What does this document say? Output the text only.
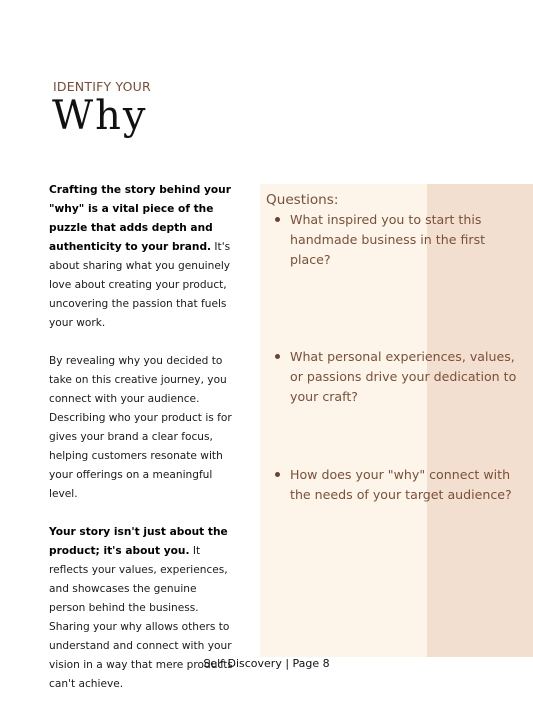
IDENTIFY YOUR
Why

Crafting the story behind your "why" is a vital piece of the puzzle that adds depth and authenticity to your brand. It's about sharing what you genuinely love about creating your product, uncovering the passion that fuels your work.

By revealing why you decided to take on this creative journey, you connect with your audience. Describing who your product is for gives your brand a clear focus, helping customers resonate with your offerings on a meaningful level.

Your story isn't just about the product; it's about you. It reflects your values, experiences, and showcases the genuine person behind the business. Sharing your why allows others to understand and connect with your vision in a way that mere products can't achieve.

Questions:
What inspired you to start this handmade business in the first place?
What personal experiences, values, or passions drive your dedication to your craft?
How does your "why" connect with the needs of your target audience?
Self Discovery | Page 8
